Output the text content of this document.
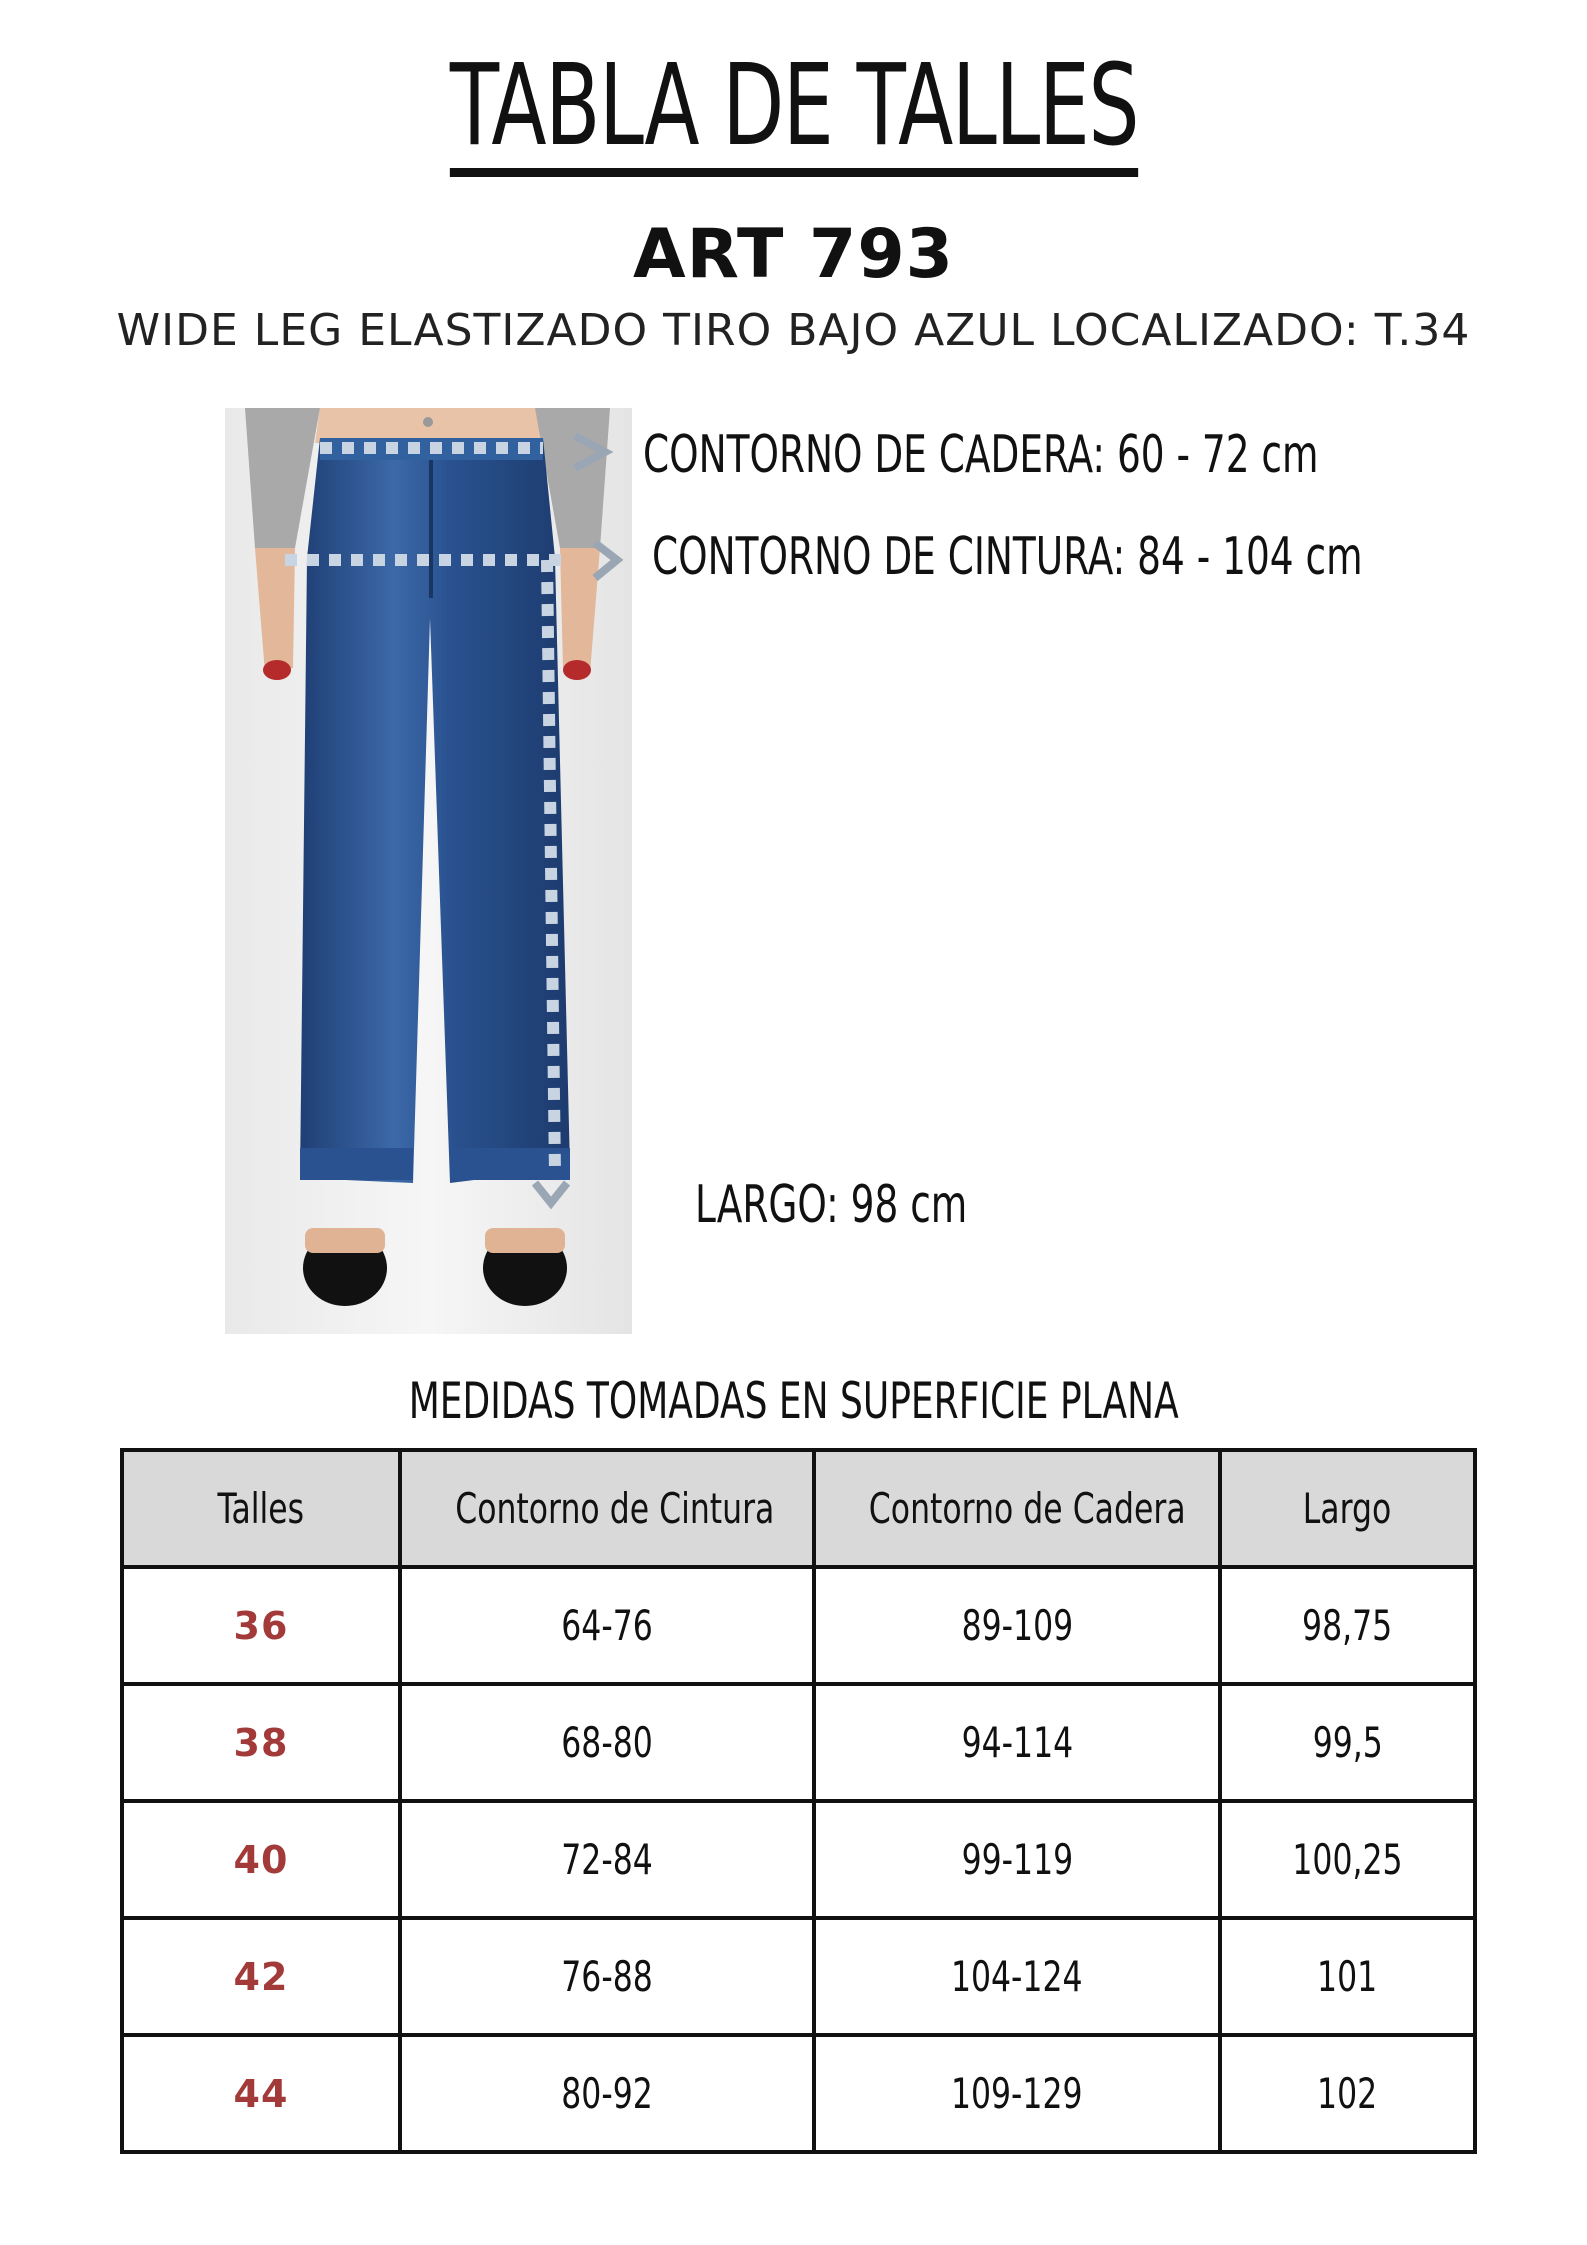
TABLA DE TALLES
ART 793
WIDE LEG ELASTIZADO TIRO BAJO AZUL LOCALIZADO: T.34
CONTORNO DE CADERA: 60 - 72 cm
CONTORNO DE CINTURA: 84 - 104 cm
LARGO: 98 cm
MEDIDAS TOMADAS EN SUPERFICIE PLANA
Talles	Contorno de Cintura	Contorno de Cadera	Largo
36	64-76	89-109	98,75
38	68-80	94-114	99,5
40	72-84	99-119	100,25
42	76-88	104-124	101
44	80-92	109-129	102
